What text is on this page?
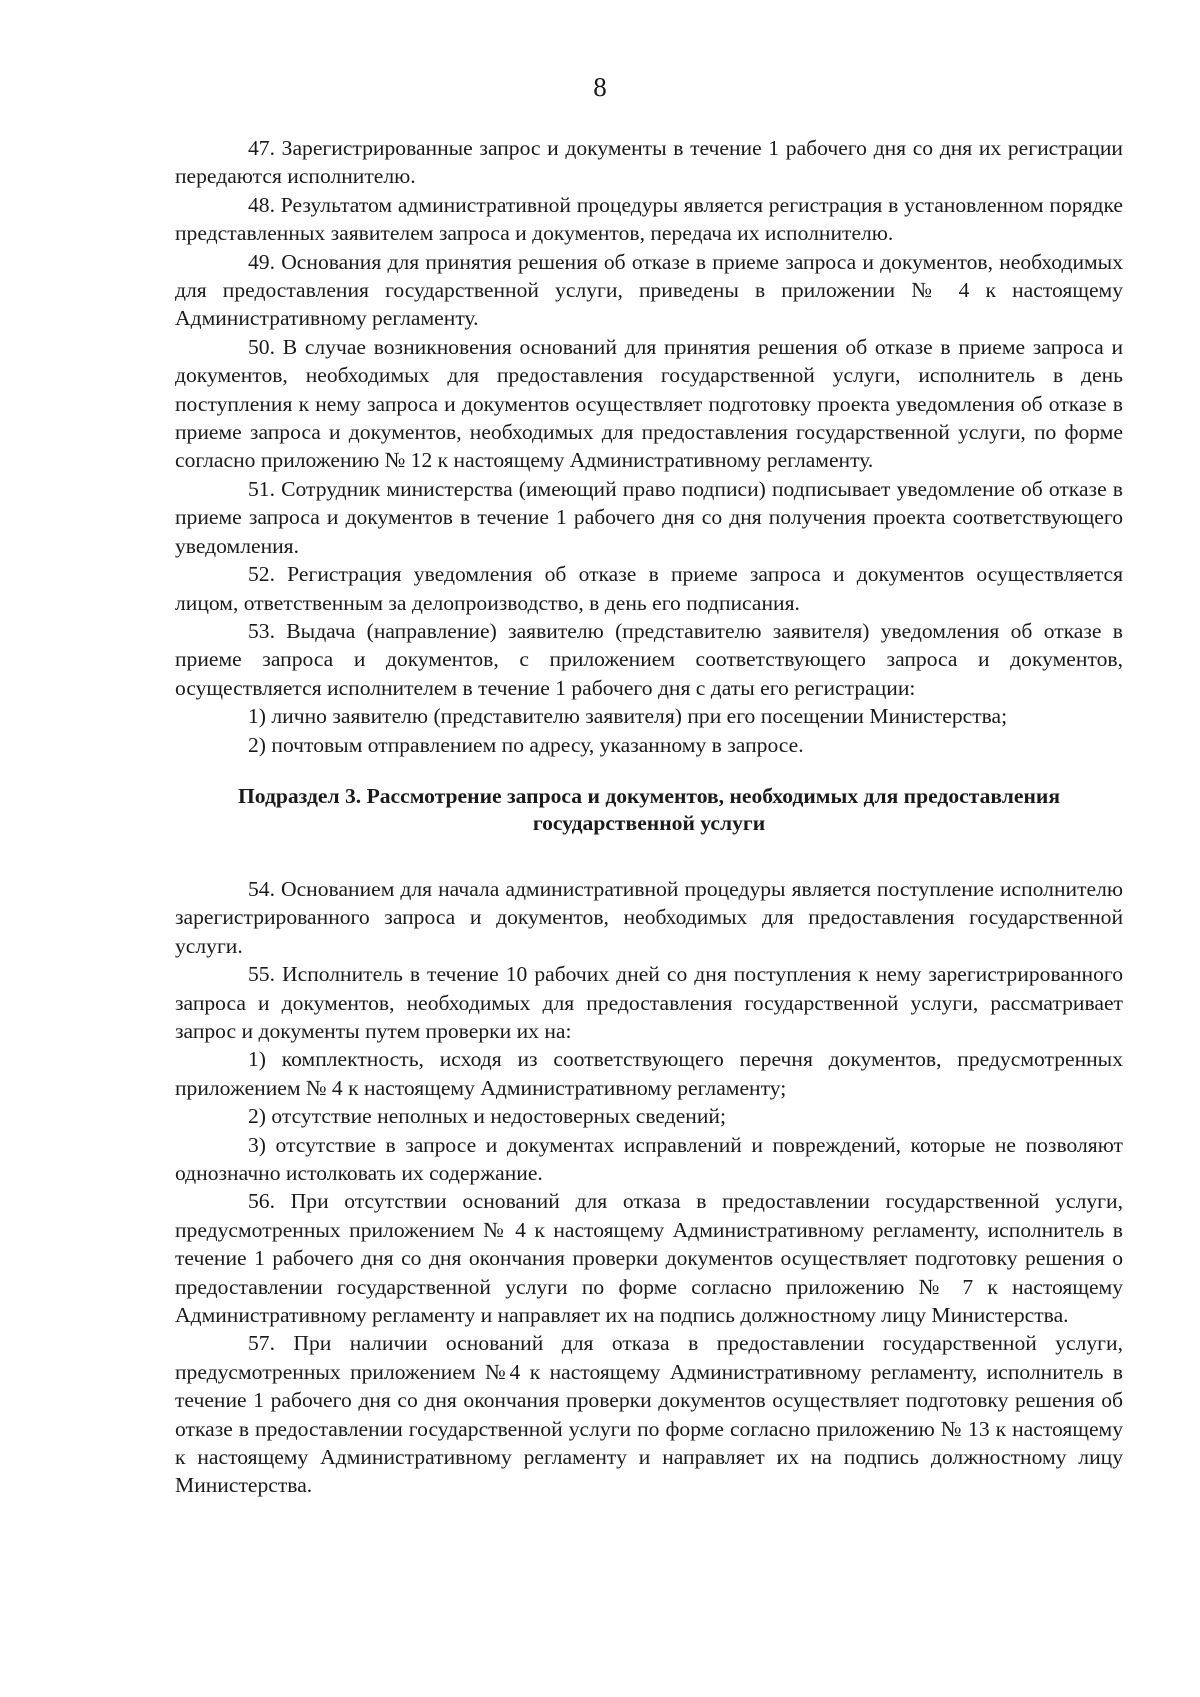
8

47. Зарегистрированные запрос и документы в течение 1 рабочего дня со дня их регистрации передаются исполнителю.

48. Результатом административной процедуры является регистрация в установленном порядке представленных заявителем запроса и документов, передача их исполнителю.

49. Основания для принятия решения об отказе в приеме запроса и документов, необходимых для предоставления государственной услуги, приведены в приложении № 4 к настоящему Административному регламенту.

50. В случае возникновения оснований для принятия решения об отказе в приеме запроса и документов, необходимых для предоставления государственной услуги, исполнитель в день поступления к нему запроса и документов осуществляет подготовку проекта уведомления об отказе в приеме запроса и документов, необходимых для предоставления государственной услуги, по форме согласно приложению № 12 к настоящему Административному регламенту.

51. Сотрудник министерства (имеющий право подписи) подписывает уведомление об отказе в приеме запроса и документов в течение 1 рабочего дня со дня получения проекта соответствующего уведомления.

52. Регистрация уведомления об отказе в приеме запроса и документов осуществляется лицом, ответственным за делопроизводство, в день его подписания.

53. Выдача (направление) заявителю (представителю заявителя) уведомления об отказе в приеме запроса и документов, с приложением соответствующего запроса и документов, осуществляется исполнителем в течение 1 рабочего дня с даты его регистрации:

1) лично заявителю (представителю заявителя) при его посещении Министерства;

2) почтовым отправлением по адресу, указанному в запросе.

Подраздел 3. Рассмотрение запроса и документов, необходимых для предоставления
государственной услуги

54. Основанием для начала административной процедуры является поступление исполнителю зарегистрированного запроса и документов, необходимых для предоставления государственной услуги.

55. Исполнитель в течение 10 рабочих дней со дня поступления к нему зарегистрированного запроса и документов, необходимых для предоставления государственной услуги, рассматривает запрос и документы путем проверки их на:

1) комплектность, исходя из соответствующего перечня документов, предусмотренных приложением № 4 к настоящему Административному регламенту;

2) отсутствие неполных и недостоверных сведений;

3) отсутствие в запросе и документах исправлений и повреждений, которые не позволяют однозначно истолковать их содержание.

56. При отсутствии оснований для отказа в предоставлении государственной услуги, предусмотренных приложением № 4 к настоящему Административному регламенту, исполнитель в течение 1 рабочего дня со дня окончания проверки документов осуществляет подготовку решения о предоставлении государственной услуги по форме согласно приложению № 7 к настоящему Административному регламенту и направляет их на подпись должностному лицу Министерства.

57. При наличии оснований для отказа в предоставлении государственной услуги, предусмотренных приложением №4 к настоящему Административному регламенту, исполнитель в течение 1 рабочего дня со дня окончания проверки документов осуществляет подготовку решения об отказе в предоставлении государственной услуги по форме согласно приложению № 13 к настоящему к настоящему Административному регламенту и направляет их на подпись должностному лицу Министерства.
